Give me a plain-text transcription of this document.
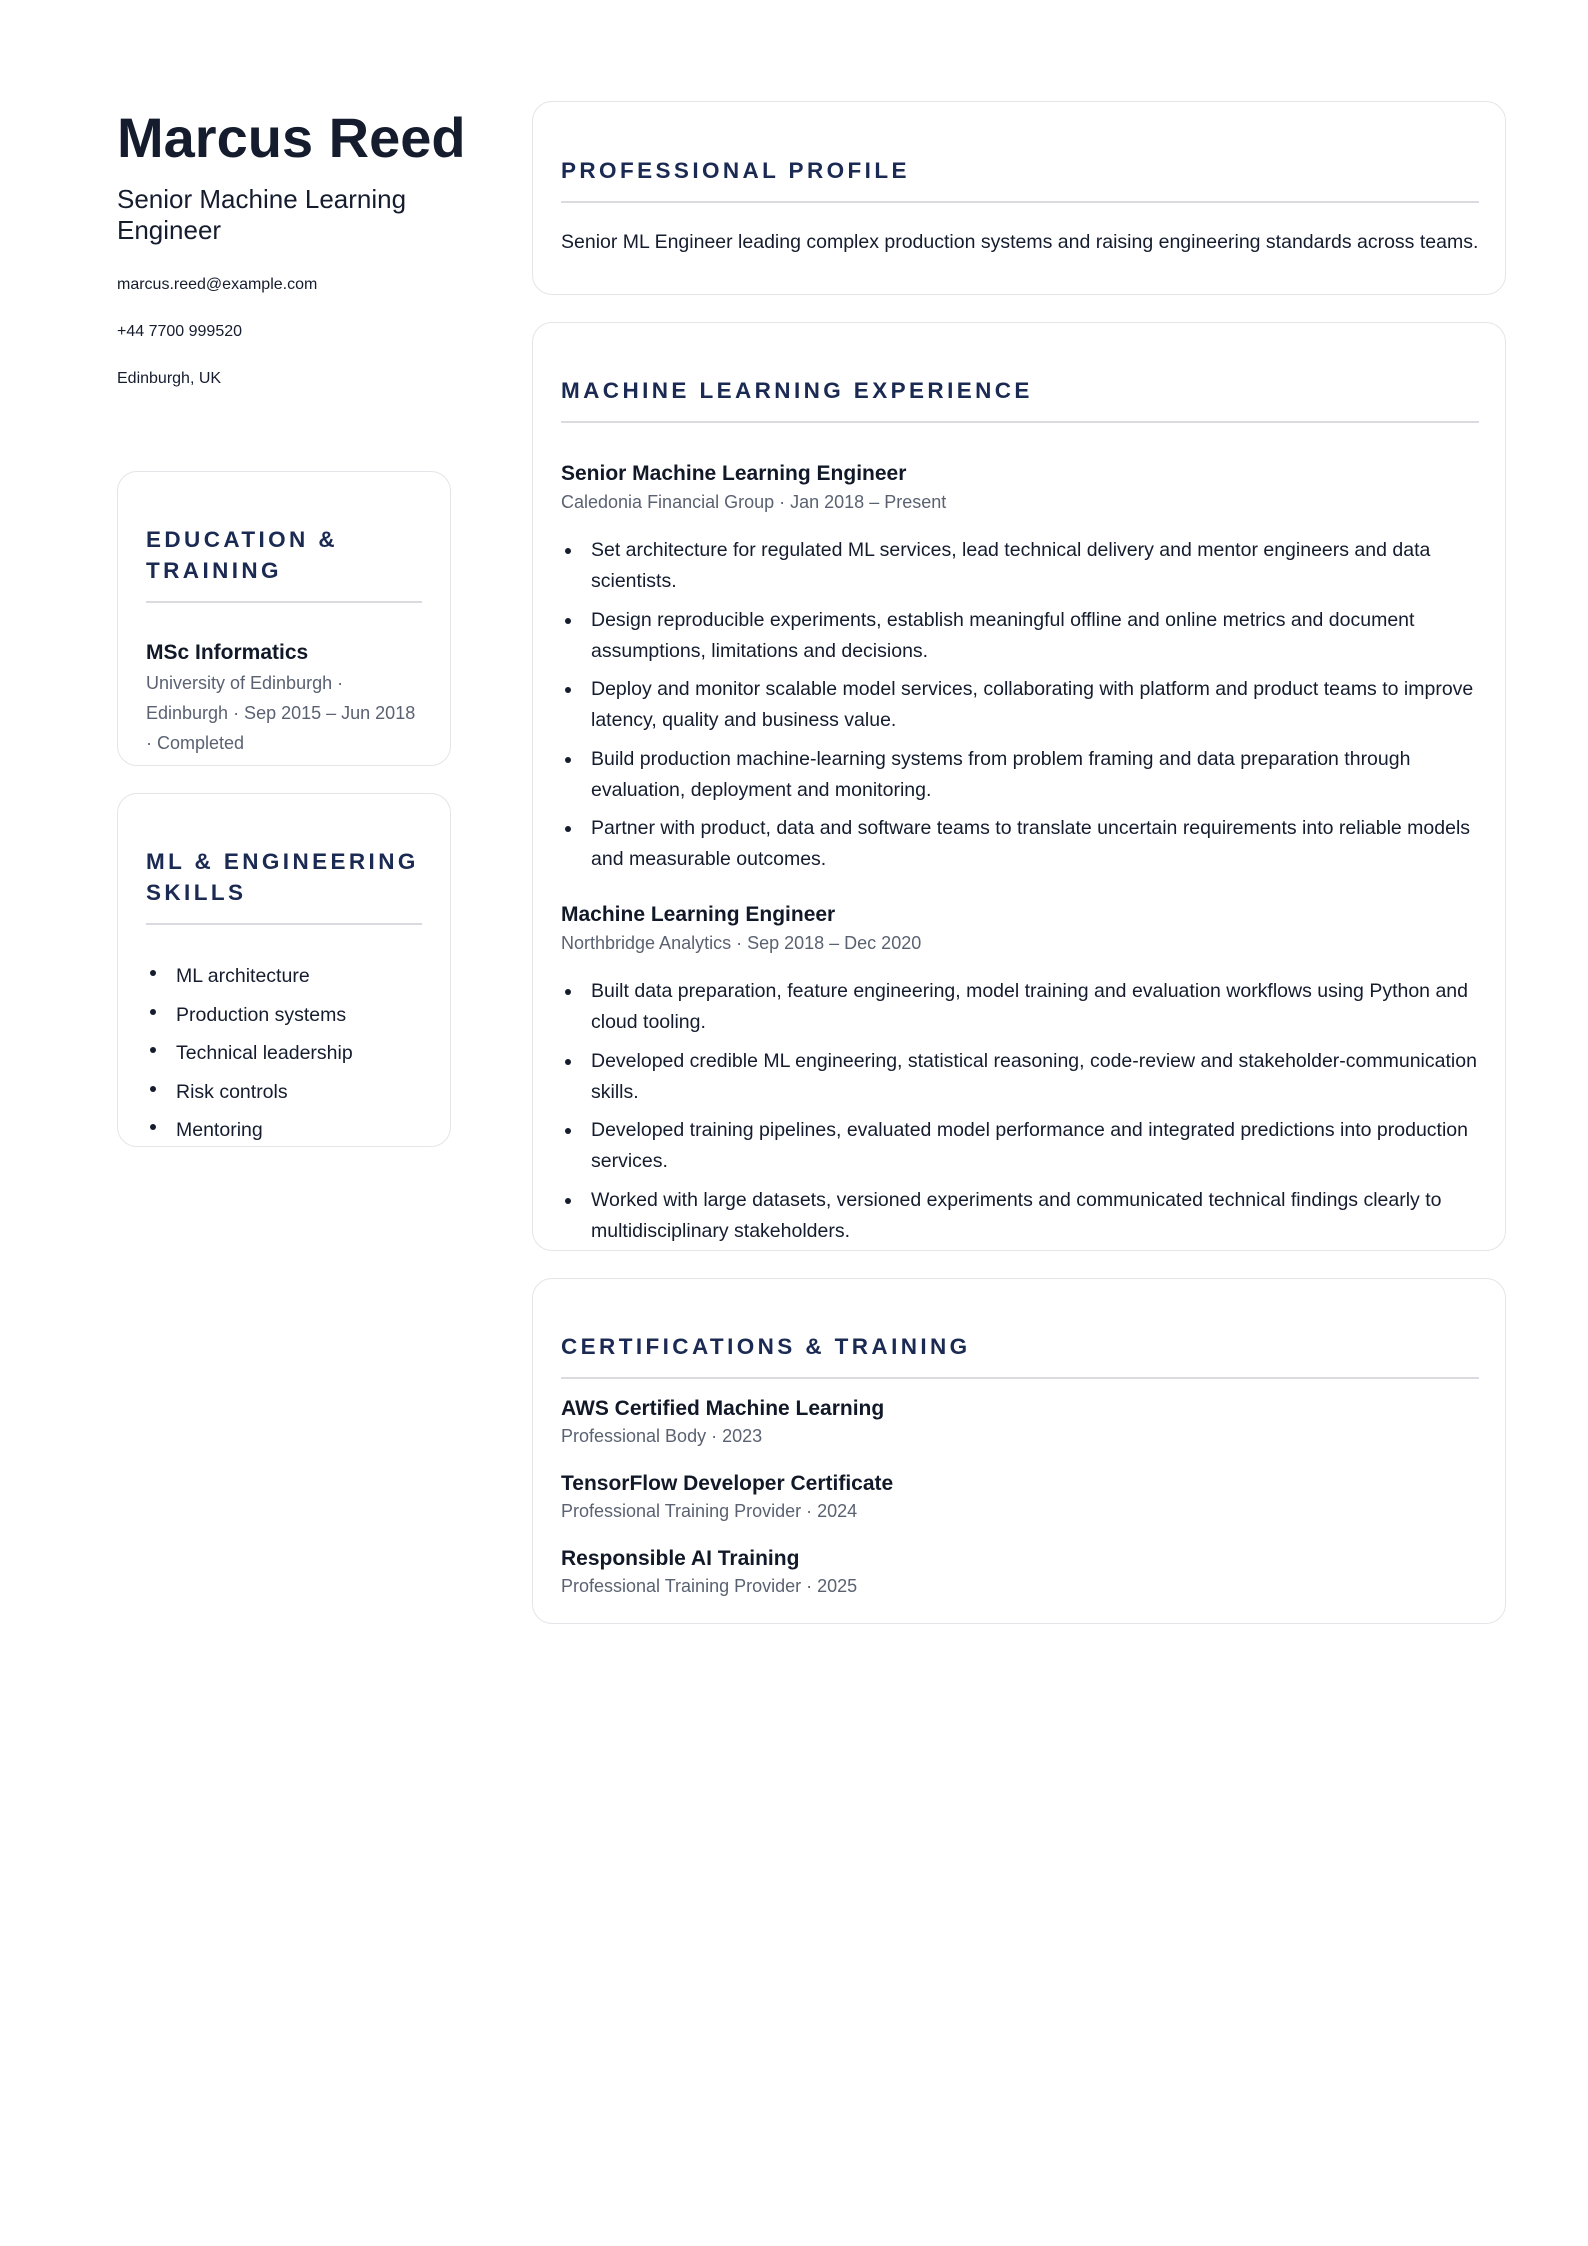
Marcus Reed
Senior Machine Learning Engineer
marcus.reed@example.com
+44 7700 999520
Edinburgh, UK
EDUCATION &
TRAINING
MSc Informatics
University of Edinburgh ·
Edinburgh · Sep 2015 – Jun 2018
· Completed
ML & ENGINEERING
SKILLS
ML architecture
Production systems
Technical leadership
Risk controls
Mentoring
PROFESSIONAL PROFILE
Senior ML Engineer leading complex production systems and raising engineering standards across teams.
MACHINE LEARNING EXPERIENCE
Senior Machine Learning Engineer
Caledonia Financial Group · Jan 2018 – Present
Set architecture for regulated ML services, lead technical delivery and mentor engineers and data scientists.
Design reproducible experiments, establish meaningful offline and online metrics and document assumptions, limitations and decisions.
Deploy and monitor scalable model services, collaborating with platform and product teams to improve latency, quality and business value.
Build production machine-learning systems from problem framing and data preparation through evaluation, deployment and monitoring.
Partner with product, data and software teams to translate uncertain requirements into reliable models and measurable outcomes.
Machine Learning Engineer
Northbridge Analytics · Sep 2018 – Dec 2020
Built data preparation, feature engineering, model training and evaluation workflows using Python and cloud tooling.
Developed credible ML engineering, statistical reasoning, code-review and stakeholder-communication skills.
Developed training pipelines, evaluated model performance and integrated predictions into production services.
Worked with large datasets, versioned experiments and communicated technical findings clearly to multidisciplinary stakeholders.
CERTIFICATIONS & TRAINING
AWS Certified Machine Learning
Professional Body · 2023
TensorFlow Developer Certificate
Professional Training Provider · 2024
Responsible AI Training
Professional Training Provider · 2025
